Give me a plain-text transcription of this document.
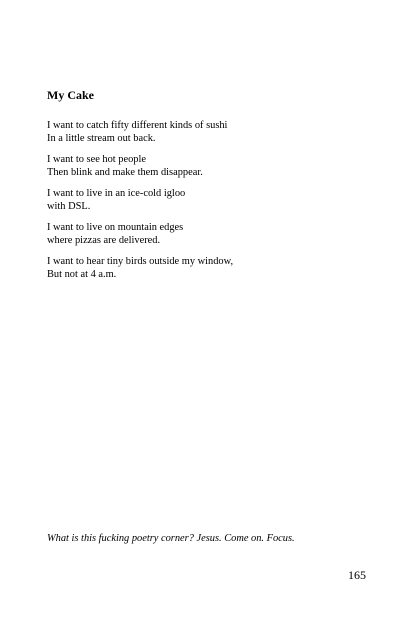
My Cake

I want to catch fifty different kinds of sushi
In a little stream out back.

I want to see hot people
Then blink and make them disappear.

I want to live in an ice-cold igloo
with DSL.

I want to live on mountain edges
where pizzas are delivered.

I want to hear tiny birds outside my window,
But not at 4 a.m.

What is this fucking poetry corner? Jesus. Come on. Focus.

165
